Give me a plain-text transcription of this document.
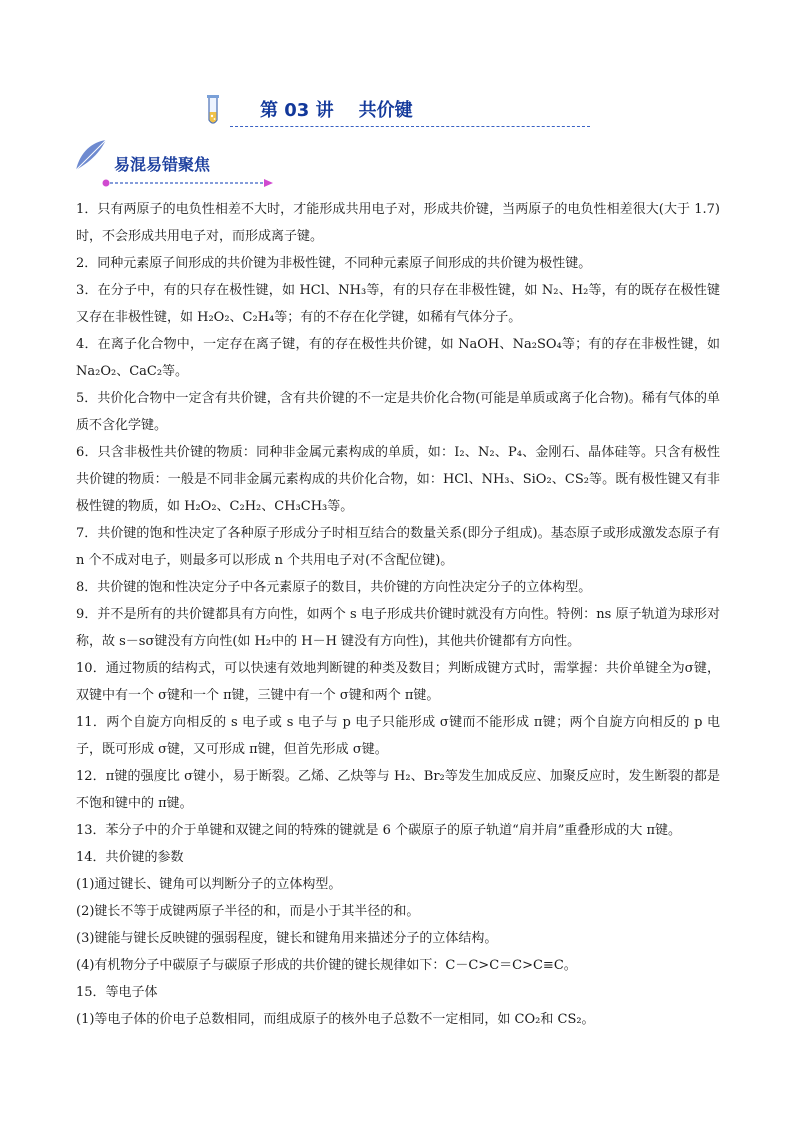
第 03 讲    共价键
易混易错聚焦

1．只有两原子的电负性相差不大时，才能形成共用电子对，形成共价键，当两原子的电负性相差很大(大于 1.7)时，不会形成共用电子对，而形成离子键。

2．同种元素原子间形成的共价键为非极性键，不同种元素原子间形成的共价键为极性键。

3．在分子中，有的只存在极性键，如 HCl、NH₃等，有的只存在非极性键，如 N₂、H₂等，有的既存在极性键又存在非极性键，如 H₂O₂、C₂H₄等；有的不存在化学键，如稀有气体分子。

4．在离子化合物中，一定存在离子键，有的存在极性共价键，如 NaOH、Na₂SO₄等；有的存在非极性键，如 Na₂O₂、CaC₂等。

5．共价化合物中一定含有共价键，含有共价键的不一定是共价化合物(可能是单质或离子化合物)。稀有气体的单质不含化学键。

6．只含非极性共价键的物质：同种非金属元素构成的单质，如：I₂、N₂、P₄、金刚石、晶体硅等。只含有极性共价键的物质：一般是不同非金属元素构成的共价化合物，如：HCl、NH₃、SiO₂、CS₂等。既有极性键又有非极性键的物质，如 H₂O₂、C₂H₂、CH₃CH₃等。

7．共价键的饱和性决定了各种原子形成分子时相互结合的数量关系(即分子组成)。基态原子或形成激发态原子有 n 个不成对电子，则最多可以形成 n 个共用电子对(不含配位键)。

8．共价键的饱和性决定分子中各元素原子的数目，共价键的方向性决定分子的立体构型。

9．并不是所有的共价键都具有方向性，如两个 s 电子形成共价键时就没有方向性。特例：ns 原子轨道为球形对称，故 s－sσ键没有方向性(如 H₂中的 H－H 键没有方向性)，其他共价键都有方向性。

10．通过物质的结构式，可以快速有效地判断键的种类及数目；判断成键方式时，需掌握：共价单键全为σ键，双键中有一个 σ键和一个 π键，三键中有一个 σ键和两个 π键。

11．两个自旋方向相反的 s 电子或 s 电子与 p 电子只能形成 σ键而不能形成 π键；两个自旋方向相反的 p 电子，既可形成 σ键，又可形成 π键，但首先形成 σ键。

12．π键的强度比 σ键小，易于断裂。乙烯、乙炔等与 H₂、Br₂等发生加成反应、加聚反应时，发生断裂的都是不饱和键中的 π键。

13．苯分子中的介于单键和双键之间的特殊的键就是 6 个碳原子的原子轨道“肩并肩”重叠形成的大 π键。

14．共价键的参数

(1)通过键长、键角可以判断分子的立体构型。

(2)键长不等于成键两原子半径的和，而是小于其半径的和。

(3)键能与键长反映键的强弱程度，键长和键角用来描述分子的立体结构。

(4)有机物分子中碳原子与碳原子形成的共价键的键长规律如下：C－C>C＝C>C≡C。

15．等电子体

(1)等电子体的价电子总数相同，而组成原子的核外电子总数不一定相同，如 CO₂和 CS₂。
